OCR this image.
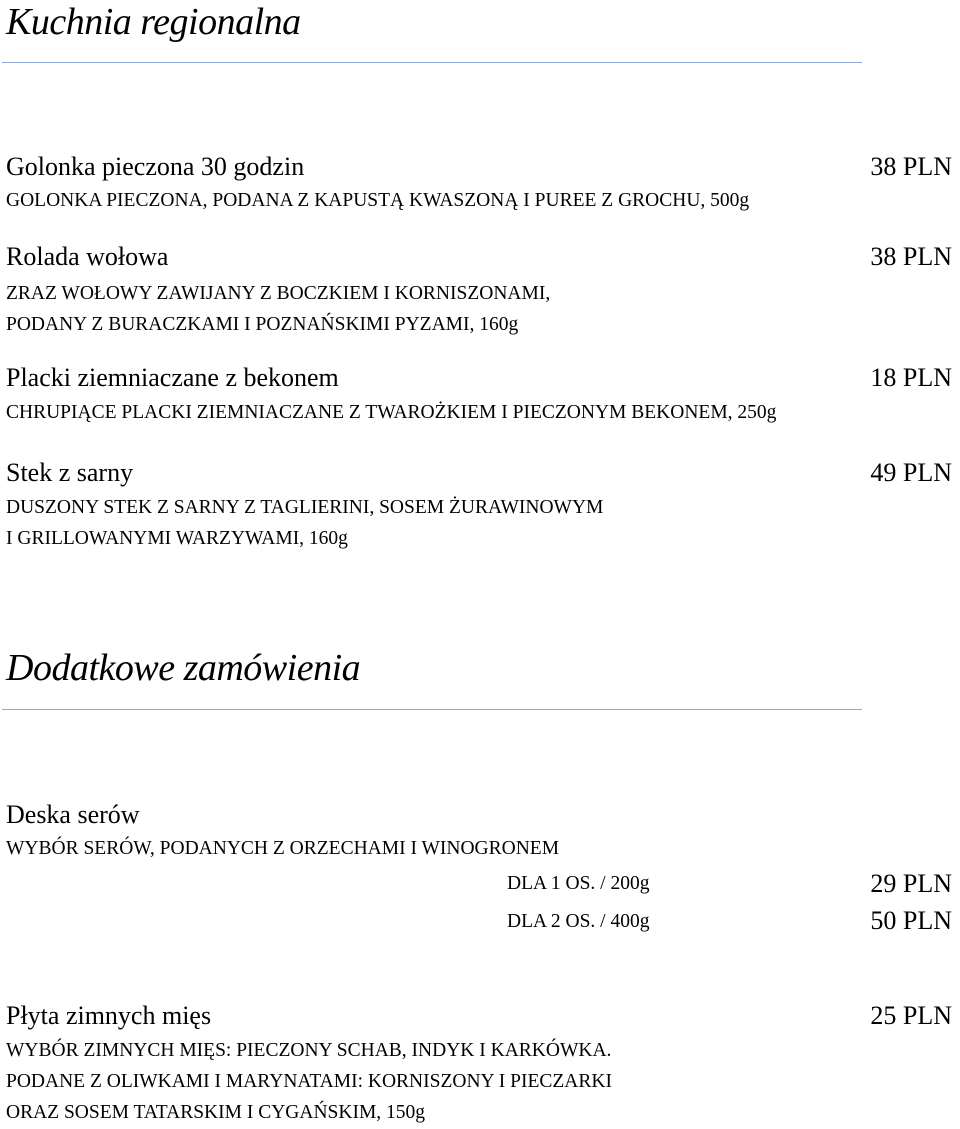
Kuchnia regionalna
Golonka pieczona 30 godzin	38 PLN
GOLONKA PIECZONA, PODANA Z KAPUSTĄ KWASZONĄ I PUREE Z GROCHU, 500g
Rolada wołowa	38 PLN
ZRAZ WOŁOWY ZAWIJANY Z BOCZKIEM I KORNISZONAMI,
PODANY Z BURACZKAMI I POZNAŃSKIMI PYZAMI, 160g
Placki ziemniaczane z bekonem	18 PLN
CHRUPIĄCE PLACKI ZIEMNIACZANE Z TWAROŻKIEM I PIECZONYM BEKONEM, 250g
Stek z sarny	49 PLN
DUSZONY STEK Z SARNY Z TAGLIERINI, SOSEM ŻURAWINOWYM
I GRILLOWANYMI WARZYWAMI, 160g
Dodatkowe zamówienia
Deska serów
WYBÓR SERÓW, PODANYCH Z ORZECHAMI I WINOGRONEM
DLA 1 OS. / 200g	29 PLN
DLA 2 OS. / 400g	50 PLN
Płyta zimnych mięs	25 PLN
WYBÓR ZIMNYCH MIĘS: PIECZONY SCHAB, INDYK I KARKÓWKA.
PODANE Z OLIWKAMI I MARYNATAMI: KORNISZONY I PIECZARKI
ORAZ SOSEM TATARSKIM I CYGAŃSKIM, 150g
